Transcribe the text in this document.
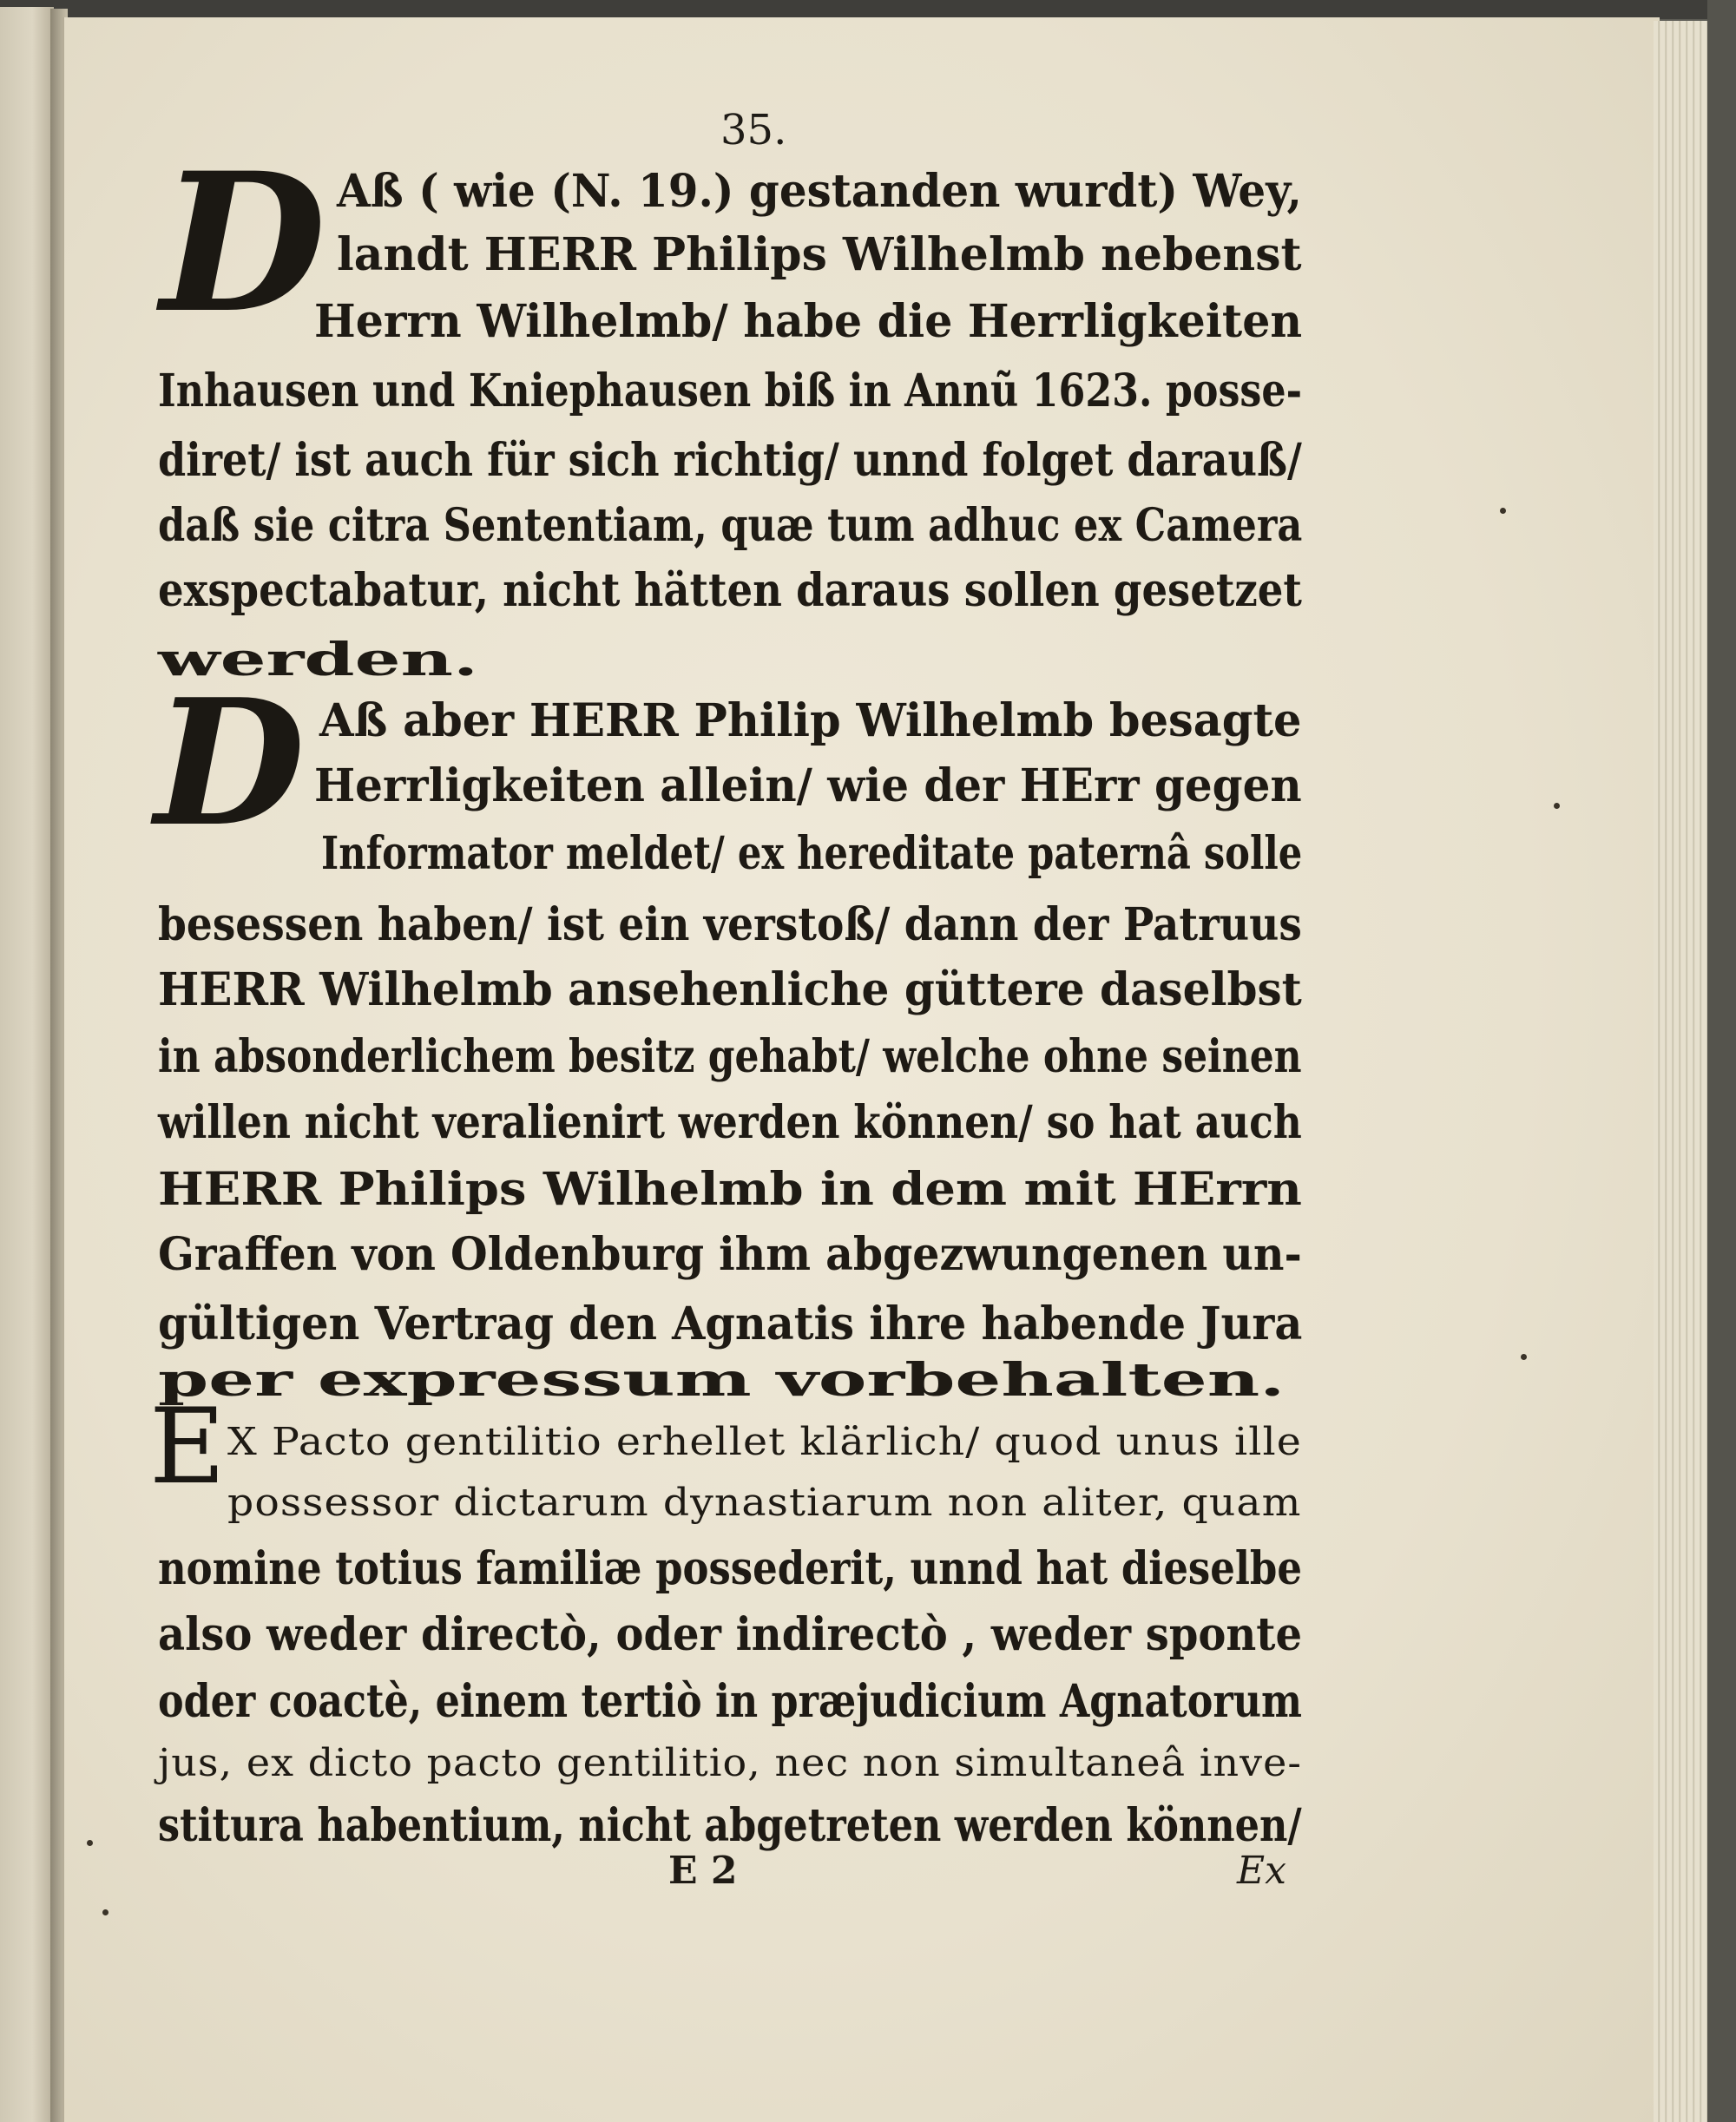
35.
D
D
E
Aß ( wie (N. 19.) gestanden wurdt) Wey,
landt HERR Philips Wilhelmb nebenst
Herrn Wilhelmb/ habe die Herrligkeiten
Inhausen und Kniephausen biß in Annũ 1623. posse-
diret/ ist auch für sich richtig/ unnd folget darauß/
daß sie citra Sententiam, quæ tum adhuc ex Camera
exspectabatur, nicht hätten daraus sollen gesetzet
werden.
Aß aber HERR Philip Wilhelmb besagte
Herrligkeiten allein/ wie der HErr gegen
Informator meldet/ ex hereditate paternâ solle
besessen haben/ ist ein verstoß/ dann der Patruus
HERR Wilhelmb ansehenliche güttere daselbst
in absonderlichem besitz gehabt/ welche ohne seinen
willen nicht veralienirt werden können/ so hat auch
HERR Philips Wilhelmb in dem mit HErrn
Graffen von Oldenburg ihm abgezwungenen un-
gültigen Vertrag den Agnatis ihre habende Jura
per expressum vorbehalten.
X Pacto gentilitio erhellet klärlich/ quod unus ille
possessor dictarum dynastiarum non aliter, quam
nomine totius familiæ possederit, unnd hat dieselbe
also weder directò, oder indirectò , weder sponte
oder coactè, einem tertiò in præjudicium Agnatorum
jus, ex dicto pacto gentilitio, nec non simultaneâ inve-
stitura habentium, nicht abgetreten werden können/
E 2	Ex
